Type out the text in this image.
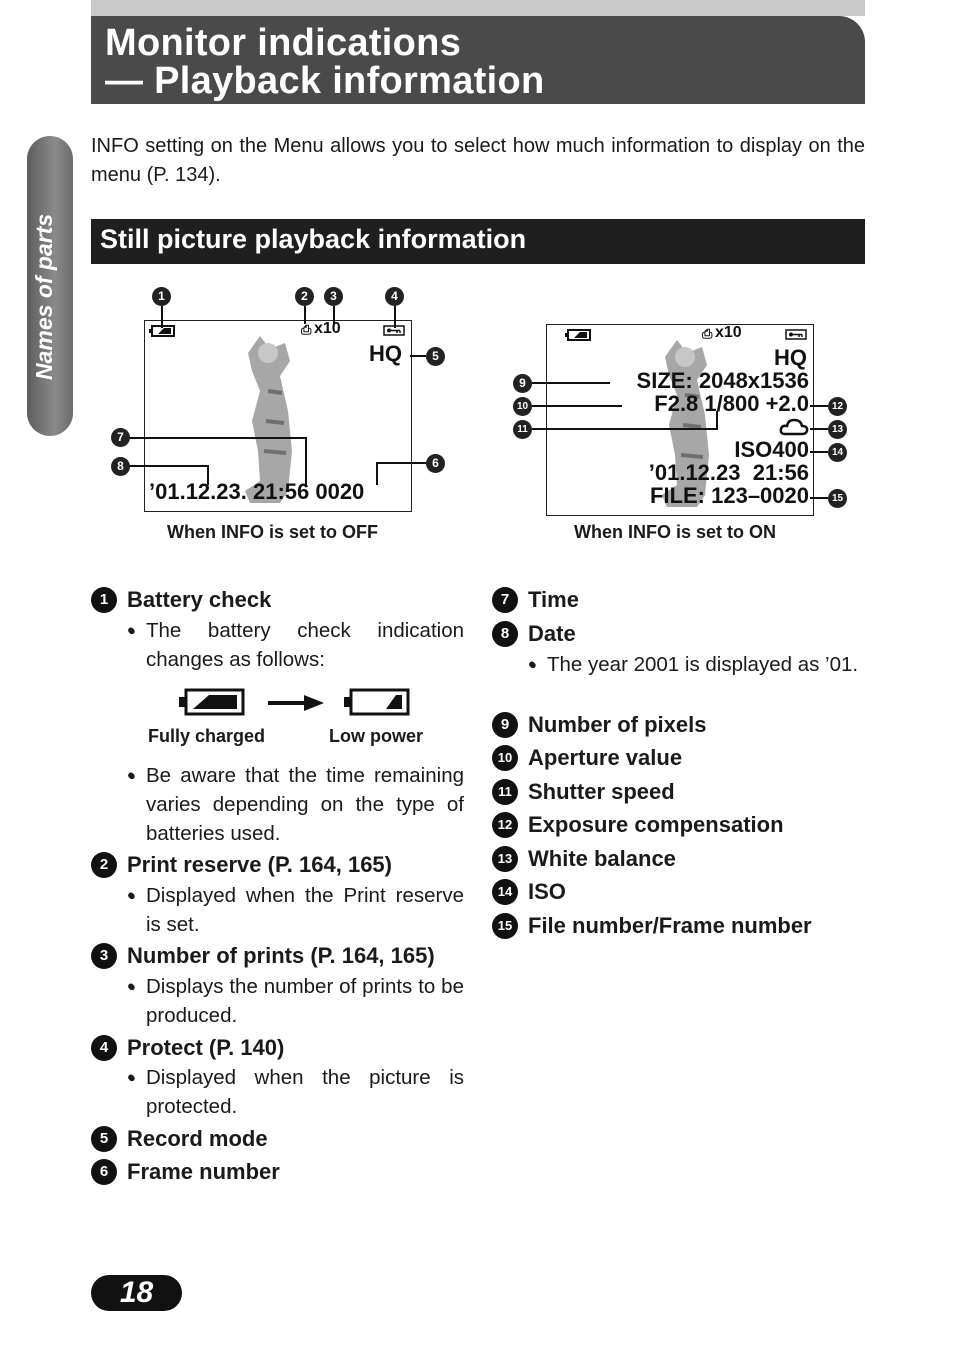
Monitor indications
— Playback information
Names of parts
INFO setting on the Menu allows you to select how much information to display on the menu (P. 134).
Still picture playback information
⎙ x10
HQ
’01.12.23. 21:56 0020
1	2	3	4
5
6
7
8
When INFO is set to OFF
⎙ x10
HQ
SIZE: 2048x1536
F2.8 1/800 +2.0
ISO400
’01.12.23  21:56
FILE: 123–0020
9
10
11
12
13
14
15
When INFO is set to ON
1 Battery check
● The battery check indication changes as follows:
●
Fully charged	Low power
● Be aware that the time remaining varies depending on the type of batteries used.
●
2 Print reserve (P. 164, 165)
● Displayed when the Print reserve is set.
●
3 Number of prints (P. 164, 165)
● Displays the number of prints to be produced.
●
4 Protect (P. 140)
● Displayed when the picture is protected.
●
5 Record mode
6 Frame number
7 Time
8 Date
● The year 2001 is displayed as ’01.
●
9 Number of pixels
10 Aperture value
11 Shutter speed
12 Exposure compensation
13 White balance
14 ISO
15 File number/Frame number
18
